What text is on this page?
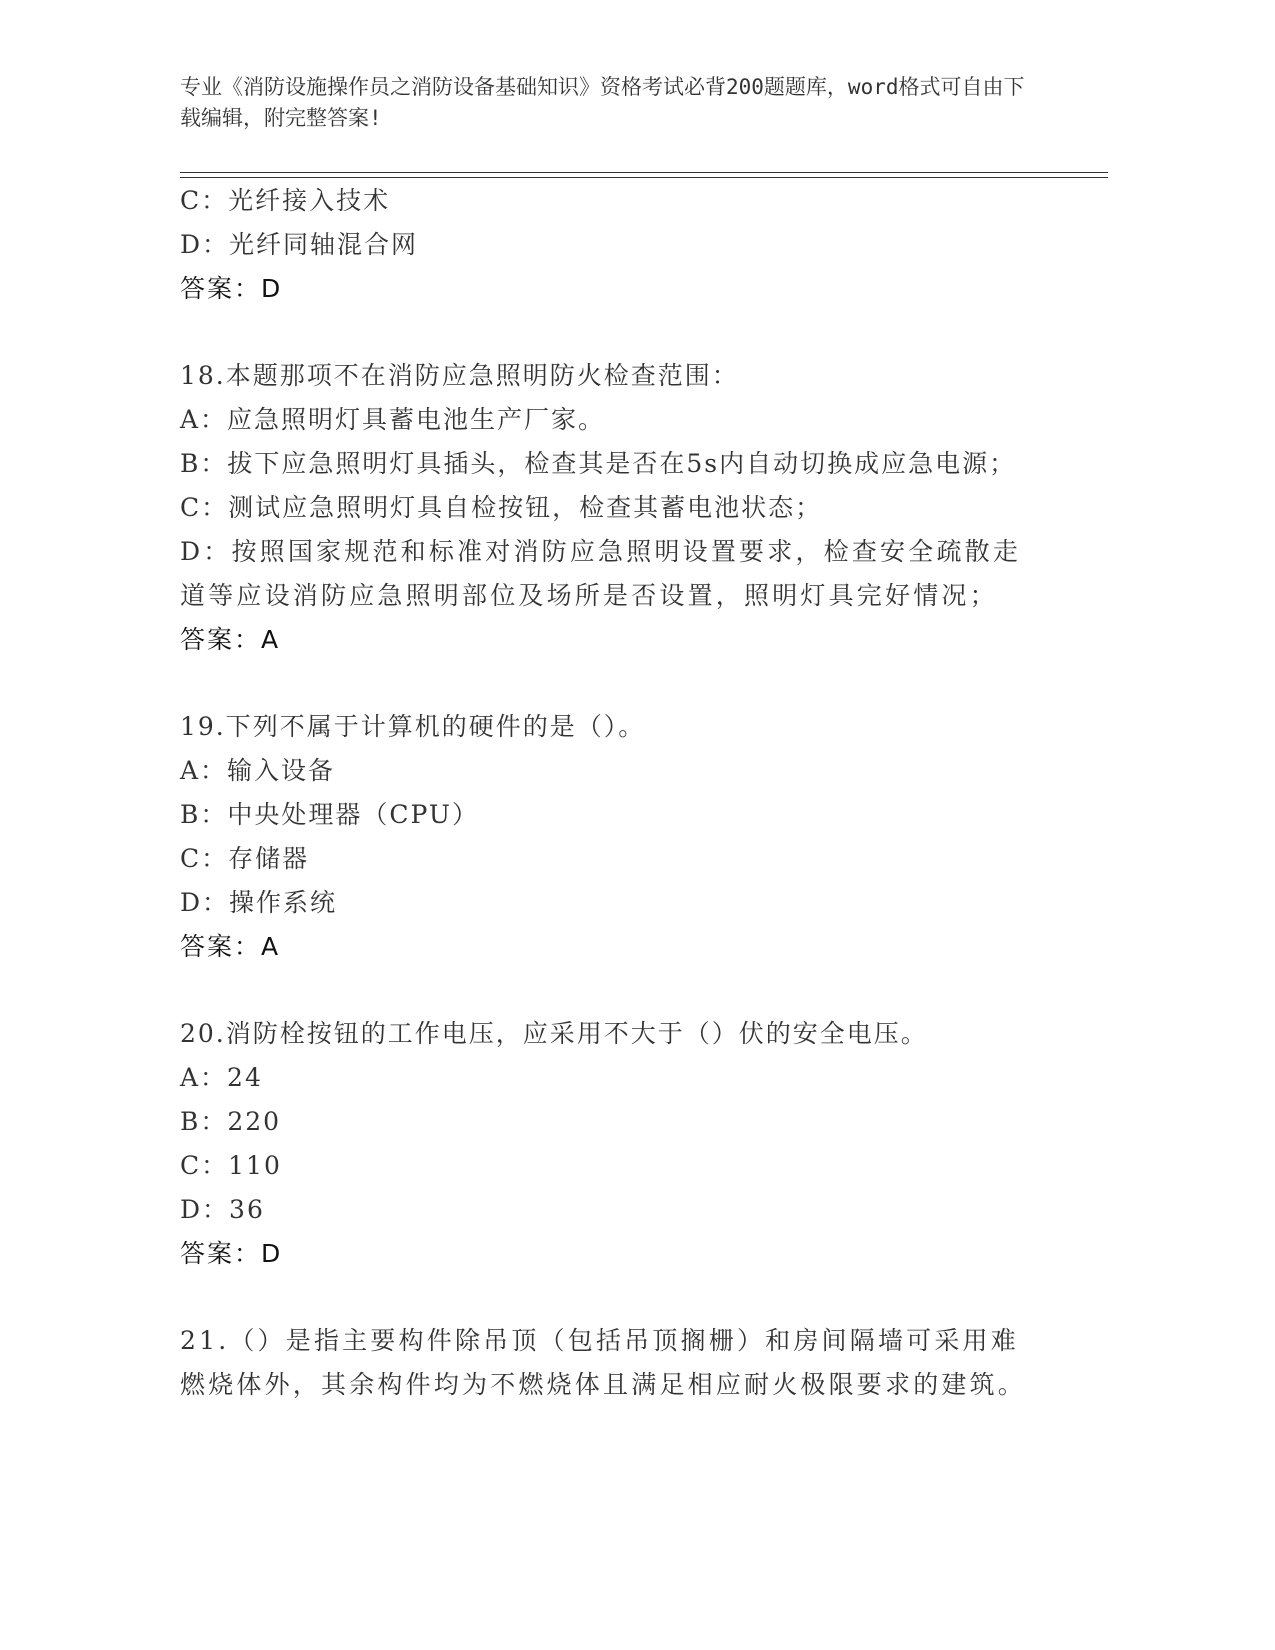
专业《消防设施操作员之消防设备基础知识》资格考试必背200题题库，word格式可自由下载编辑，附完整答案!
C：光纤接入技术
D：光纤同轴混合网
答案：D
18.本题那项不在消防应急照明防火检查范围：
A：应急照明灯具蓄电池生产厂家。
B：拔下应急照明灯具插头，检查其是否在5s内自动切换成应急电源；
C：测试应急照明灯具自检按钮，检查其蓄电池状态；
D：按照国家规范和标准对消防应急照明设置要求，检查安全疏散走道等应设消防应急照明部位及场所是否设置，照明灯具完好情况；
答案：A
19.下列不属于计算机的硬件的是（）。
A：输入设备
B：中央处理器（CPU）
C：存储器
D：操作系统
答案：A
20.消防栓按钮的工作电压，应采用不大于（）伏的安全电压。
A：24
B：220
C：110
D：36
答案：D
21.（）是指主要构件除吊顶（包括吊顶搁栅）和房间隔墙可采用难燃烧体外，其余构件均为不燃烧体且满足相应耐火极限要求的建筑。
